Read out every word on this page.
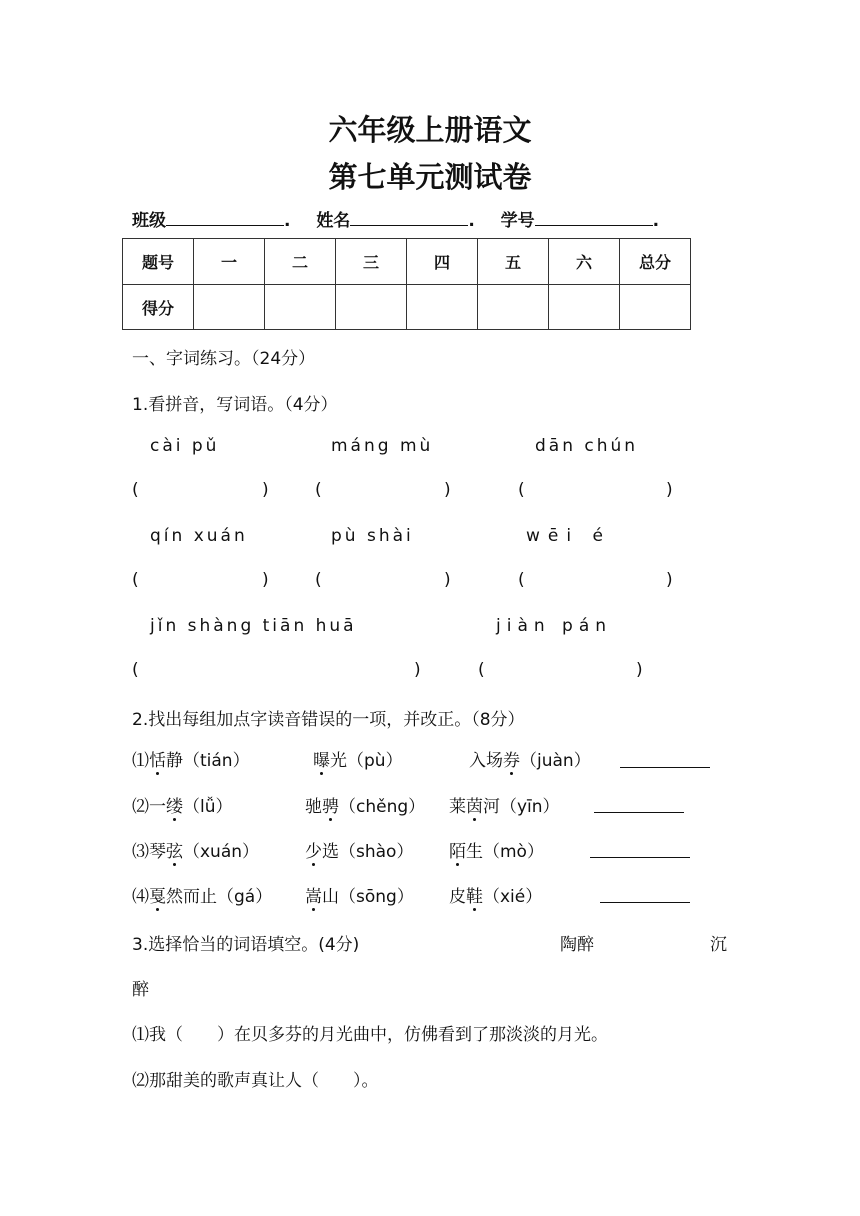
六年级上册语文
第七单元测试卷
班级	. 姓名	. 学号	.
题号	一	二	三	四	五	六	总分
得分							
一、字词练习。（24分）
1.看拼音，写词语。（4分）
cài pǔ	máng mù	dān chún
(	)	(	)	(	)
qín xuán	pù shài	wēi é
(	)	(	)	(	)
jǐn shàng tiān huā	jiàn pán
(	)	(	)
2.找出每组加点字读音错误的一项，并改正。（8分）
⑴恬静（tián）	曝光（pù）	入场券（juàn）
⑵一缕（lǚ）	驰骋（chěng） 莱茵河（yīn）
⑶琴弦（xuán）	少选（shào） 陌生（mò）
⑷戛然而止（gá） 嵩山（sōng） 皮鞋（xié）
3.选择恰当的词语填空。(4分)	陶醉	沉
醉
⑴我（　　）在贝多芬的月光曲中，仿佛看到了那淡淡的月光。
⑵那甜美的歌声真让人（　　）。
